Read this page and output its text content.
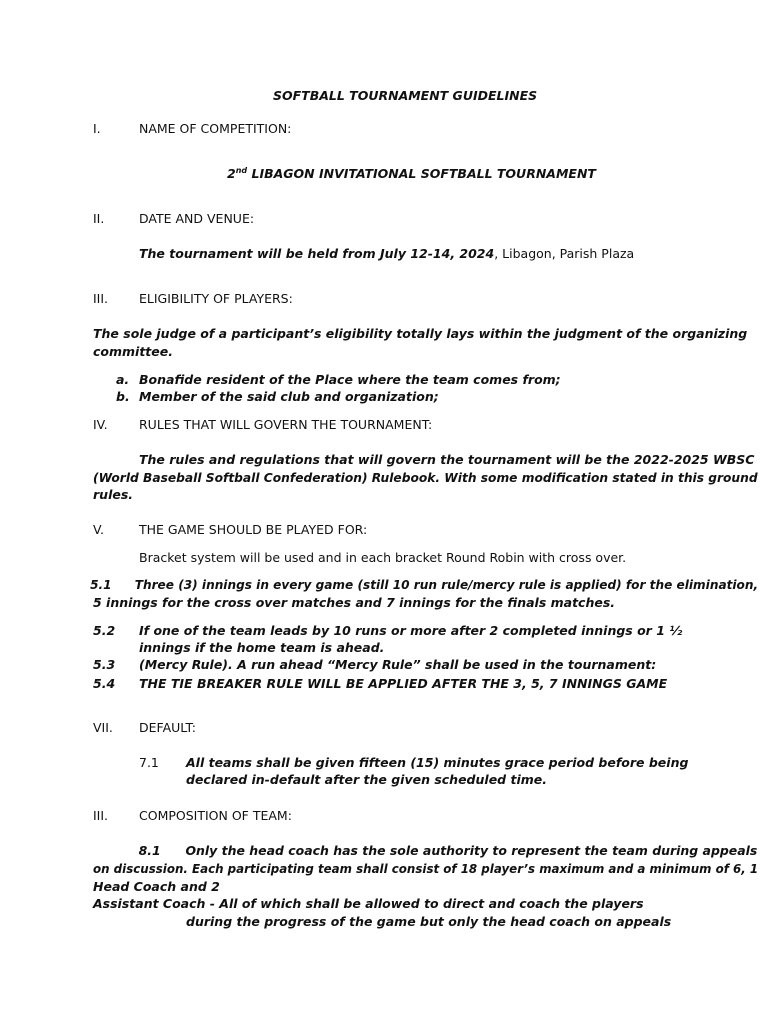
SOFTBALL TOURNAMENT GUIDELINES
I.	NAME OF COMPETITION:
2nd LIBAGON INVITATIONAL SOFTBALL TOURNAMENT
II.	DATE AND VENUE:
The tournament will be held from July 12-14, 2024, Libagon, Parish Plaza
III. ELIGIBILITY OF PLAYERS:
The sole judge of a participant’s eligibility totally lays within the judgment of the organizing
committee.
a. Bonafide resident of the Place where the team comes from;
b. Member of the said club and organization;
IV.	RULES THAT WILL GOVERN THE TOURNAMENT:
The rules and regulations that will govern the tournament will be the 2022-2025 WBSC
(World Baseball Softball Confederation) Rulebook. With some modification stated in this ground
rules.
V.	THE GAME SHOULD BE PLAYED FOR:
Bracket system will be used and in each bracket Round Robin with cross over.
5.1 Three (3) innings in every game (still 10 run rule/mercy rule is applied) for the elimination,
5 innings for the cross over matches and 7 innings for the finals matches.
5.2 If one of the team leads by 10 runs or more after 2 completed innings or 1 ½
innings if the home team is ahead.
5.3 (Mercy Rule). A run ahead “Mercy Rule” shall be used in the tournament:
5.4 THE TIE BREAKER RULE WILL BE APPLIED AFTER THE 3, 5, 7 INNINGS GAME
VII. DEFAULT:
7.1 All teams shall be given fifteen (15) minutes grace period before being
declared in-default after the given scheduled time.
III. COMPOSITION OF TEAM:
8.1 Only the head coach has the sole authority to represent the team during appeals
on discussion. Each participating team shall consist of 18 player’s maximum and a minimum of 6, 1
Head Coach and 2
Assistant Coach - All of which shall be allowed to direct and coach the players
during the progress of the game but only the head coach on appeals
